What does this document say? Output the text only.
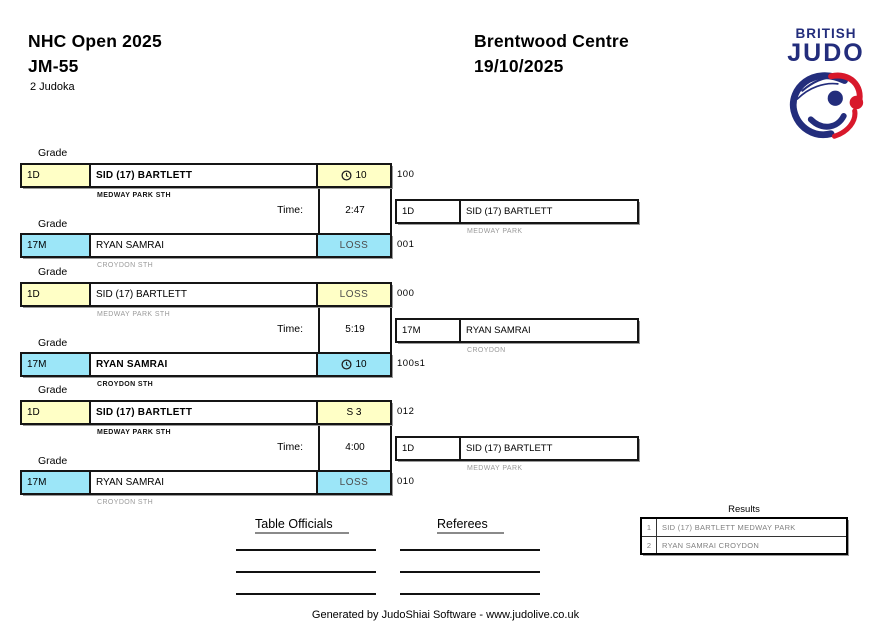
NHC Open 2025
JM-55
2 Judoka
Brentwood Centre
19/10/2025
BRITISH
JUDO
Grade
2:47
Time:
1D	SID (17) BARTLETT	10	100
MEDWAY PARK STH
1D	SID (17) BARTLETT
MEDWAY PARK
Grade
17M	RYAN SAMRAI	LOSS	001
CROYDON STH
Grade
5:19
Time:
1D	SID (17) BARTLETT	LOSS	000
MEDWAY PARK STH
17M	RYAN SAMRAI
CROYDON
Grade
17M	RYAN SAMRAI	10	100s1
CROYDON STH
Grade
4:00
Time:
1D	SID (17) BARTLETT	S 3	012
MEDWAY PARK STH
1D	SID (17) BARTLETT
MEDWAY PARK
Grade
17M	RYAN SAMRAI	LOSS	010
CROYDON STH
Table Officials	Referees
Results
1	SID (17) BARTLETT MEDWAY PARK
2	RYAN SAMRAI CROYDON
Generated by JudoShiai Software - www.judolive.co.uk
